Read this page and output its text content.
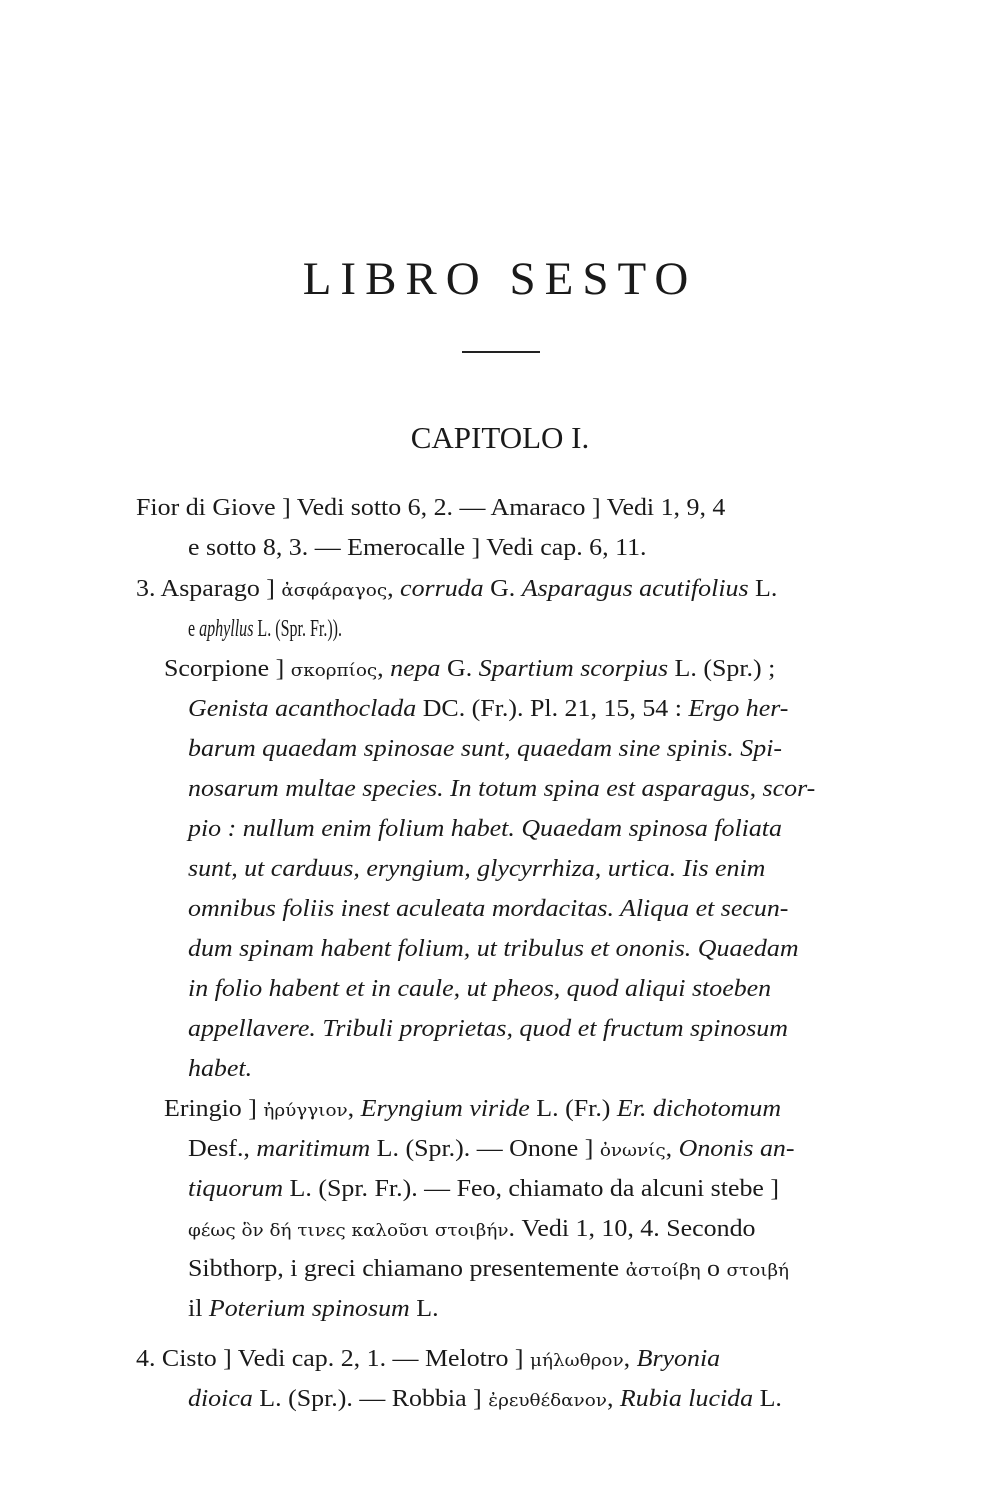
LIBRO SESTO
CAPITOLO I.
Fior di Giove ] Vedi sotto 6, 2. — Amaraco ] Vedi 1, 9, 4
e sotto 8, 3. — Emerocalle ] Vedi cap. 6, 11.
3. Asparago ] ἀσφάραγος, corruda G. Asparagus acutifolius L.
e aphyllus L. (Spr. Fr.)).
Scorpione ] σκορπίος, nepa G. Spartium scorpius L. (Spr.) ;
Genista acanthoclada DC. (Fr.). Pl. 21, 15, 54 : Ergo her-
barum quaedam spinosae sunt, quaedam sine spinis. Spi-
nosarum multae species. In totum spina est asparagus, scor-
pio : nullum enim folium habet. Quaedam spinosa foliata
sunt, ut carduus, eryngium, glycyrrhiza, urtica. Iis enim
omnibus foliis inest aculeata mordacitas. Aliqua et secun-
dum spinam habent folium, ut tribulus et ononis. Quaedam
in folio habent et in caule, ut pheos, quod aliqui stoeben
appellavere. Tribuli proprietas, quod et fructum spinosum
habet.
Eringio ] ἠρύγγιον, Eryngium viride L. (Fr.) Er. dichotomum
Desf., maritimum L. (Spr.). — Onone ] ὀνωνίς, Ononis an-
tiquorum L. (Spr. Fr.). — Feo, chiamato da alcuni stebe ]
φέως ὃν δή τινες καλοῦσι στοιβήν. Vedi 1, 10, 4. Secondo
Sibthorp, i greci chiamano presentemente ἀστοίβη o στοιβή
il Poterium spinosum L.
4. Cisto ] Vedi cap. 2, 1. — Melotro ] μήλωθρον, Bryonia
dioica L. (Spr.). — Robbia ] ἐρευθέδανον, Rubia lucida L.
